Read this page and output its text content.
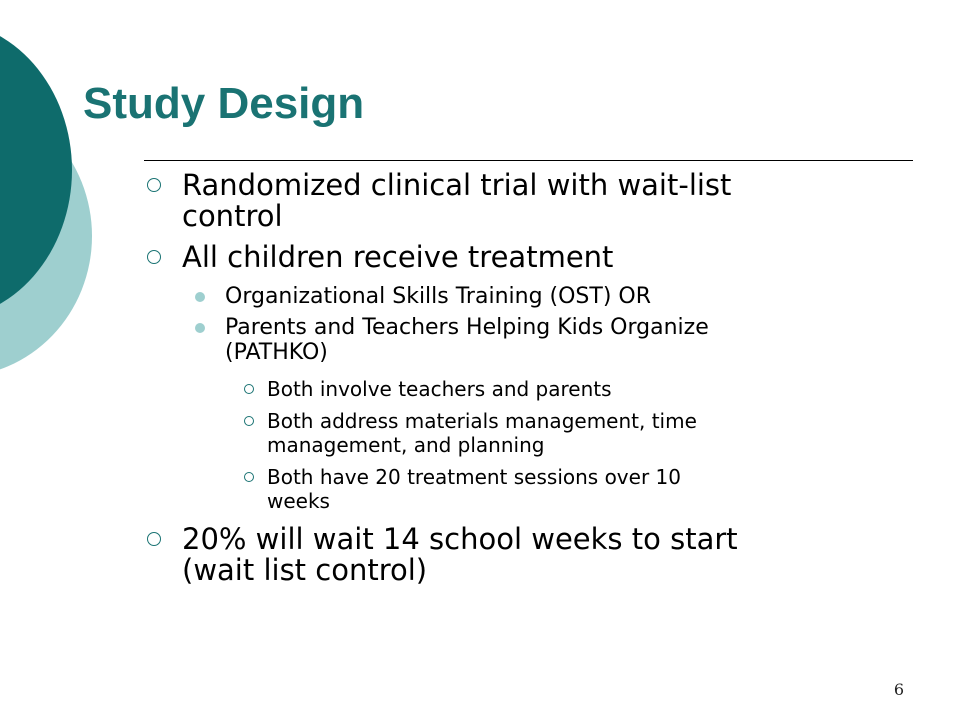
Study Design
Randomized clinical trial with wait-list
control
All children receive treatment
Organizational Skills Training (OST) OR
Parents and Teachers Helping Kids Organize
(PATHKO)
Both involve teachers and parents
Both address materials management, time
management, and planning
Both have 20 treatment sessions over 10
weeks
20% will wait 14 school weeks to start
(wait list control)
6
